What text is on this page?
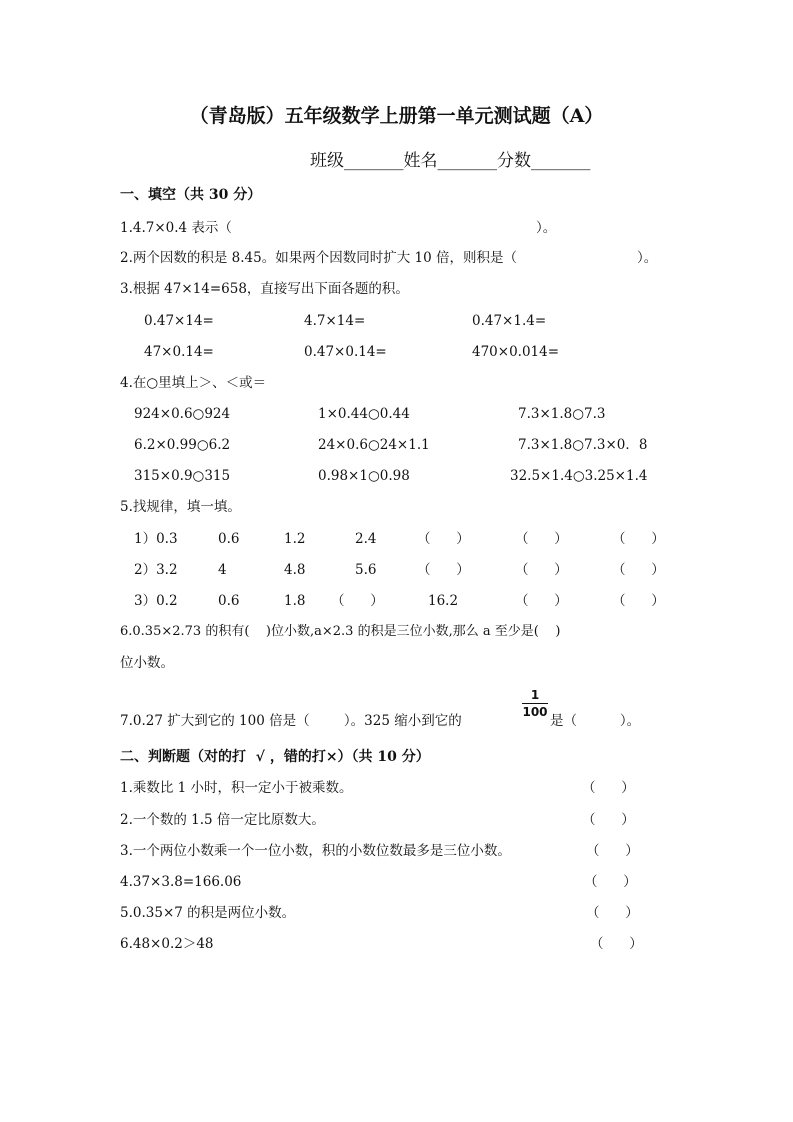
（青岛版）五年级数学上册第一单元测试题（A）
班级_______姓名_______分数_______
一、填空（共 30 分）
1.4.7×0.4 表示（	）。
2.两个因数的积是 8.45。如果两个因数同时扩大 10 倍，则积是（	）。
3.根据 47×14=658，直接写出下面各题的积。
0.47×14=	4.7×14=	0.47×1.4=
47×0.14=	0.47×0.14=	470×0.014=
4.在○里填上＞、＜或＝
924×0.6○924	1×0.44○0.44	7.3×1.8○7.3
6.2×0.99○6.2	24×0.6○24×1.1	7.3×1.8○7.3×0．8
315×0.9○315	0.98×1○0.98	32.5×1.4○3.25×1.4
5.找规律，填一填。
1）0.3	0.6	1.2	2.4	（      ）	（      ）	（      ）
2）3.2	4	4.8	5.6	（      ）	（      ）	（      ）
3）0.2	0.6	1.8 （      ）	16.2	（      ）	（      ）
6.0.35×2.73 的积有(    )位小数,a×2.3 的积是三位小数,那么 a 至少是(    )
位小数。
7.0.27 扩大到它的 100 倍是（        ）。325 缩小到它的
1
100
是（          ）。
二、判断题（对的打  √ ，错的打×）（共 10 分）
1.乘数比 1 小时，积一定小于被乘数。	（      ）
2.一个数的 1.5 倍一定比原数大。	（      ）
3.一个两位小数乘一个一位小数，积的小数位数最多是三位小数。	（      ）
4.37×3.8=166.06	（      ）
5.0.35×7 的积是两位小数。	（      ）
6.48×0.2＞48	（      ）
